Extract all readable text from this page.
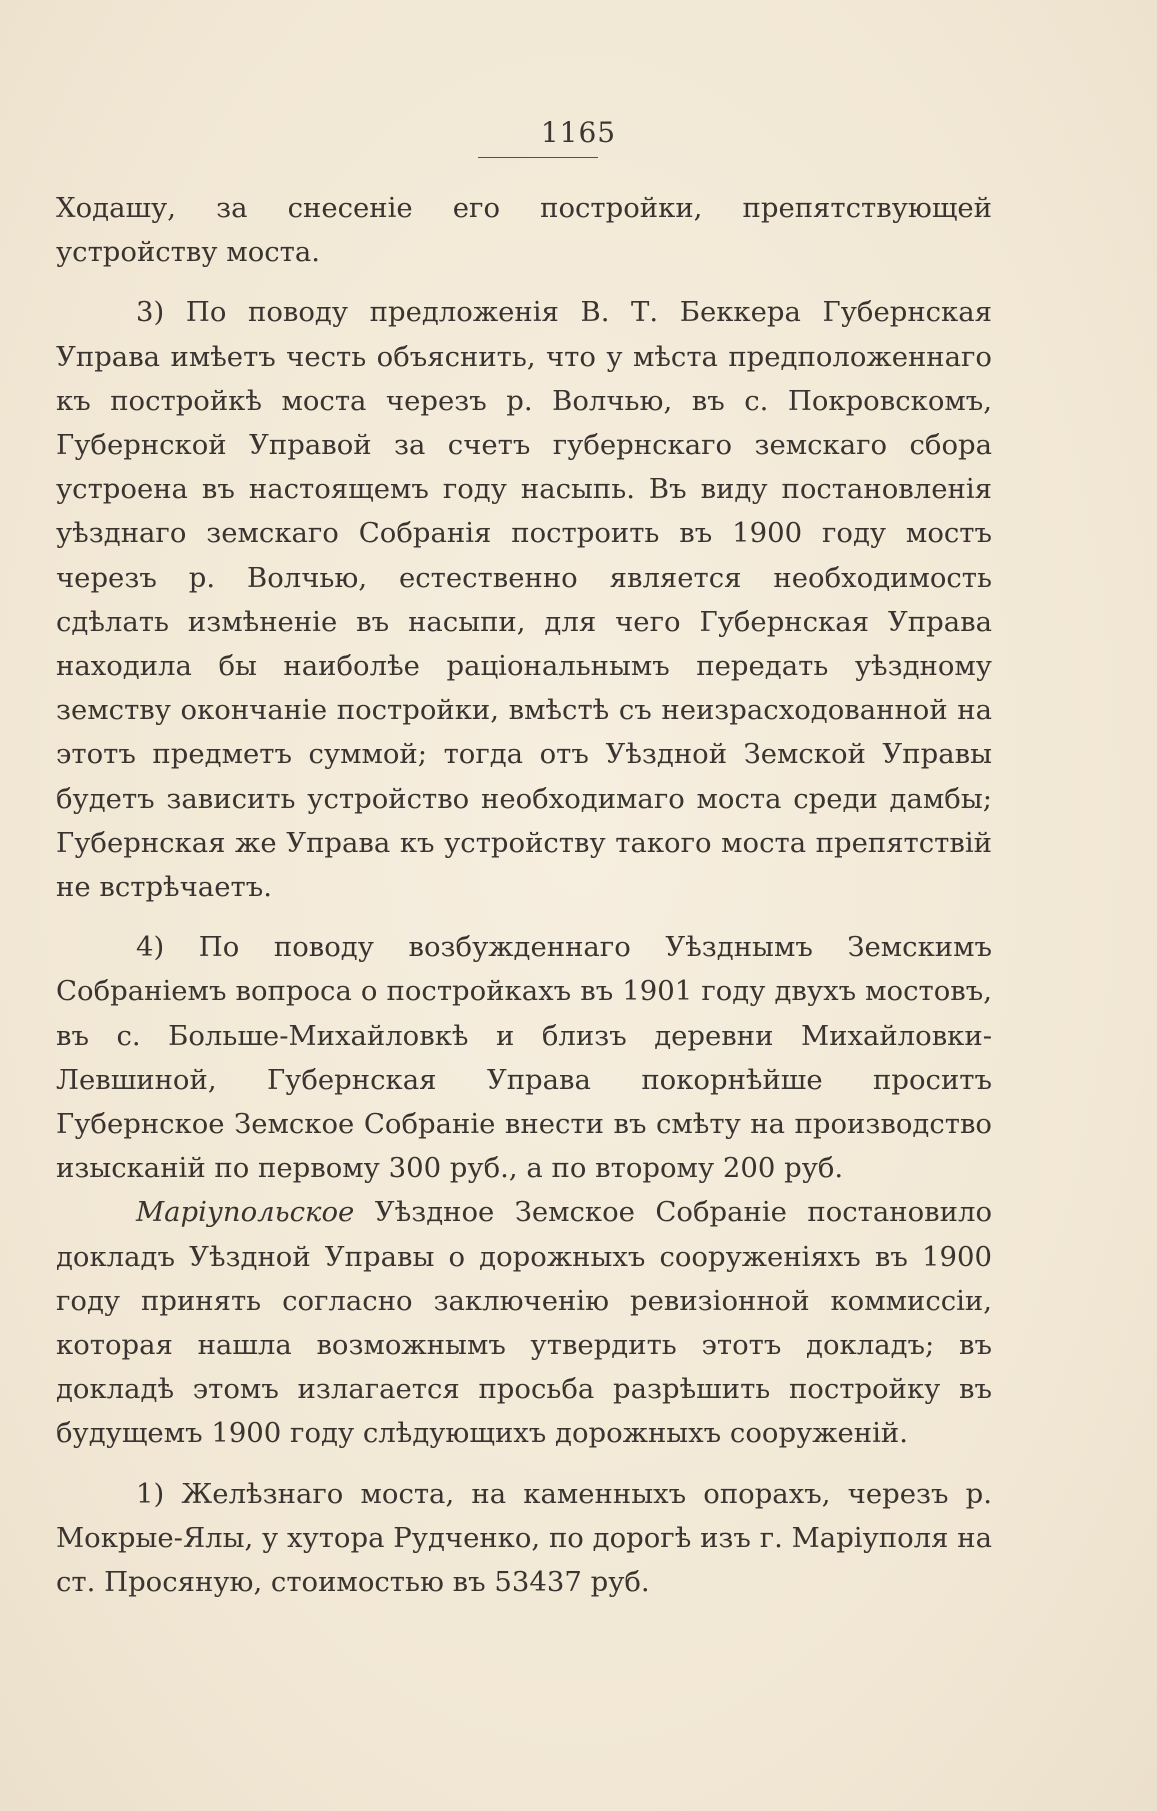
1165

Ходашу, за снесеніе его постройки, препятствующей устройству моста.

3) По поводу предложенія В. Т. Беккера Губернская Управа имѣетъ честь объяснить, что у мѣста предположеннаго къ постройкѣ моста черезъ р. Волчью, въ с. Покровскомъ, Губернской Управой за счетъ губернскаго земскаго сбора устроена въ настоящемъ году насыпь. Въ виду постановленія уѣзднаго земскаго Собранія построить въ 1900 году мостъ черезъ р. Волчью, естественно является необходимость сдѣлать измѣненіе въ насыпи, для чего Губернская Управа находила бы наиболѣе раціональнымъ передать уѣздному земству окончаніе постройки, вмѣстѣ съ неизрасходованной на этотъ предметъ суммой; тогда отъ Уѣздной Земской Управы будетъ зависить устройство необходимаго моста среди дамбы; Губернская же Управа къ устройству такого моста препятствій не встрѣчаетъ.

4) По поводу возбужденнаго Уѣзднымъ Земскимъ Собраніемъ вопроса о постройкахъ въ 1901 году двухъ мостовъ, въ с. Больше-Михайловкѣ и близъ деревни Михайловки-Левшиной, Губернская Управа покорнѣйше проситъ Губернское Земское Собраніе внести въ смѣту на производство изысканій по первому 300 руб., а по второму 200 руб.

Маріупольское Уѣздное Земское Собраніе постановило докладъ Уѣздной Управы о дорожныхъ сооруженіяхъ въ 1900 году принять согласно заключенію ревизіонной коммиссіи, которая нашла возможнымъ утвердить этотъ докладъ; въ докладѣ этомъ излагается просьба разрѣшить постройку въ будущемъ 1900 году слѣдующихъ дорожныхъ сооруженій.

1) Желѣзнаго моста, на каменныхъ опорахъ, черезъ р. Мокрые-Ялы, у хутора Рудченко, по дорогѣ изъ г. Маріуполя на ст. Просяную, стоимостью въ 53437 руб.
